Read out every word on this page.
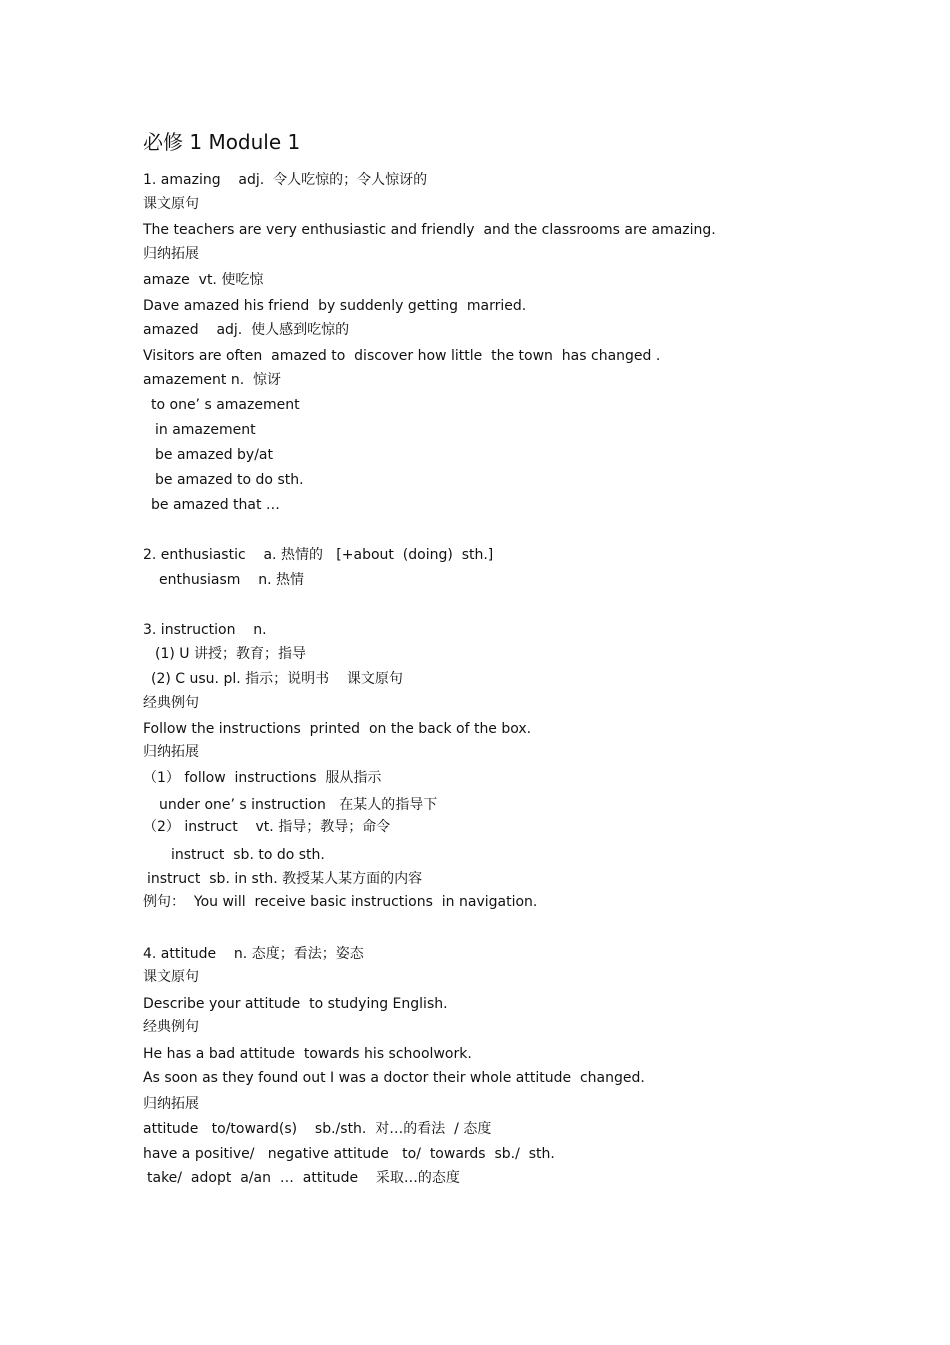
必修 1 Module 1

1. amazing    adj.  令人吃惊的；令人惊讶的

课文原句

The teachers are very enthusiastic and friendly  and the classrooms are amazing.

归纳拓展

amaze  vt. 使吃惊

Dave amazed his friend  by suddenly getting  married.

amazed    adj.  使人感到吃惊的

Visitors are often  amazed to  discover how little  the town  has changed .

amazement n.  惊讶

to one’ s amazement

in amazement

be amazed by/at

be amazed to do sth.

be amazed that …

2. enthusiastic    a. 热情的   [+about  (doing)  sth.]

enthusiasm    n. 热情

3. instruction    n.

(1) U 讲授；教育；指导

(2) C usu. pl. 指示；说明书    课文原句

经典例句

Follow the instructions  printed  on the back of the box.

归纳拓展

（1） follow  instructions  服从指示

under one’ s instruction   在某人的指导下

（2） instruct    vt. 指导；教导；命令

instruct  sb. to do sth.

instruct  sb. in sth. 教授某人某方面的内容

例句：  You will  receive basic instructions  in navigation.

4. attitude    n. 态度；看法；姿态

课文原句

Describe your attitude  to studying English.

经典例句

He has a bad attitude  towards his schoolwork.

As soon as they found out I was a doctor their whole attitude  changed.

归纳拓展

attitude   to/toward(s)    sb./sth.  对…的看法  / 态度

have a positive/   negative attitude   to/  towards  sb./  sth.

take/  adopt  a/an  …  attitude    采取…的态度
